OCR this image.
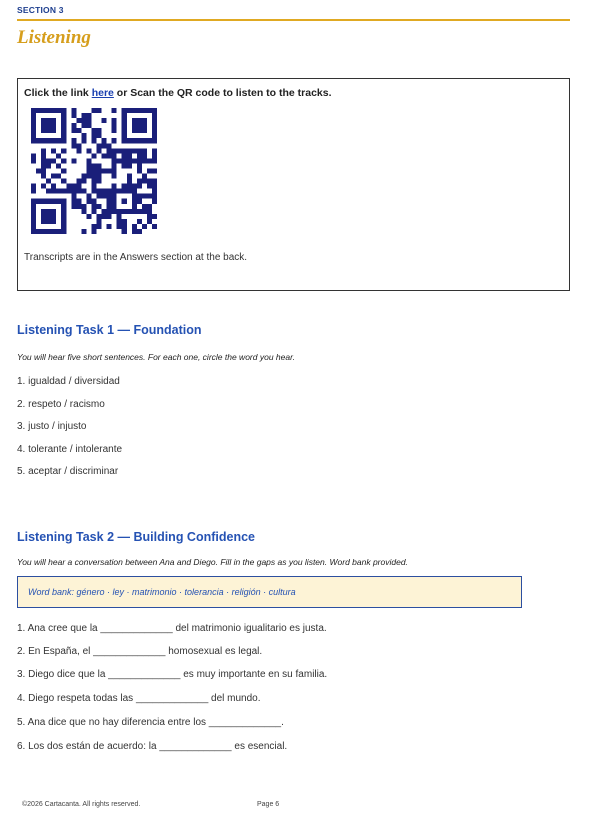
SECTION 3
Listening
Click the link here or Scan the QR code to listen to the tracks.
Transcripts are in the Answers section at the back.
Listening Task 1 — Foundation
You will hear five short sentences. For each one, circle the word you hear.
1. igualdad / diversidad
2. respeto / racismo
3. justo / injusto
4. tolerante / intolerante
5. aceptar / discriminar
Listening Task 2 — Building Confidence
You will hear a conversation between Ana and Diego. Fill in the gaps as you listen. Word bank provided.
Word bank: género · ley · matrimonio · tolerancia · religión · cultura
1. Ana cree que la _____________ del matrimonio igualitario es justa.
2. En España, el _____________ homosexual es legal.
3. Diego dice que la _____________ es muy importante en su familia.
4. Diego respeta todas las _____________ del mundo.
5. Ana dice que no hay diferencia entre los _____________.
6. Los dos están de acuerdo: la _____________ es esencial.
©2026 Cartacanta. All rights reserved.	Page 6
